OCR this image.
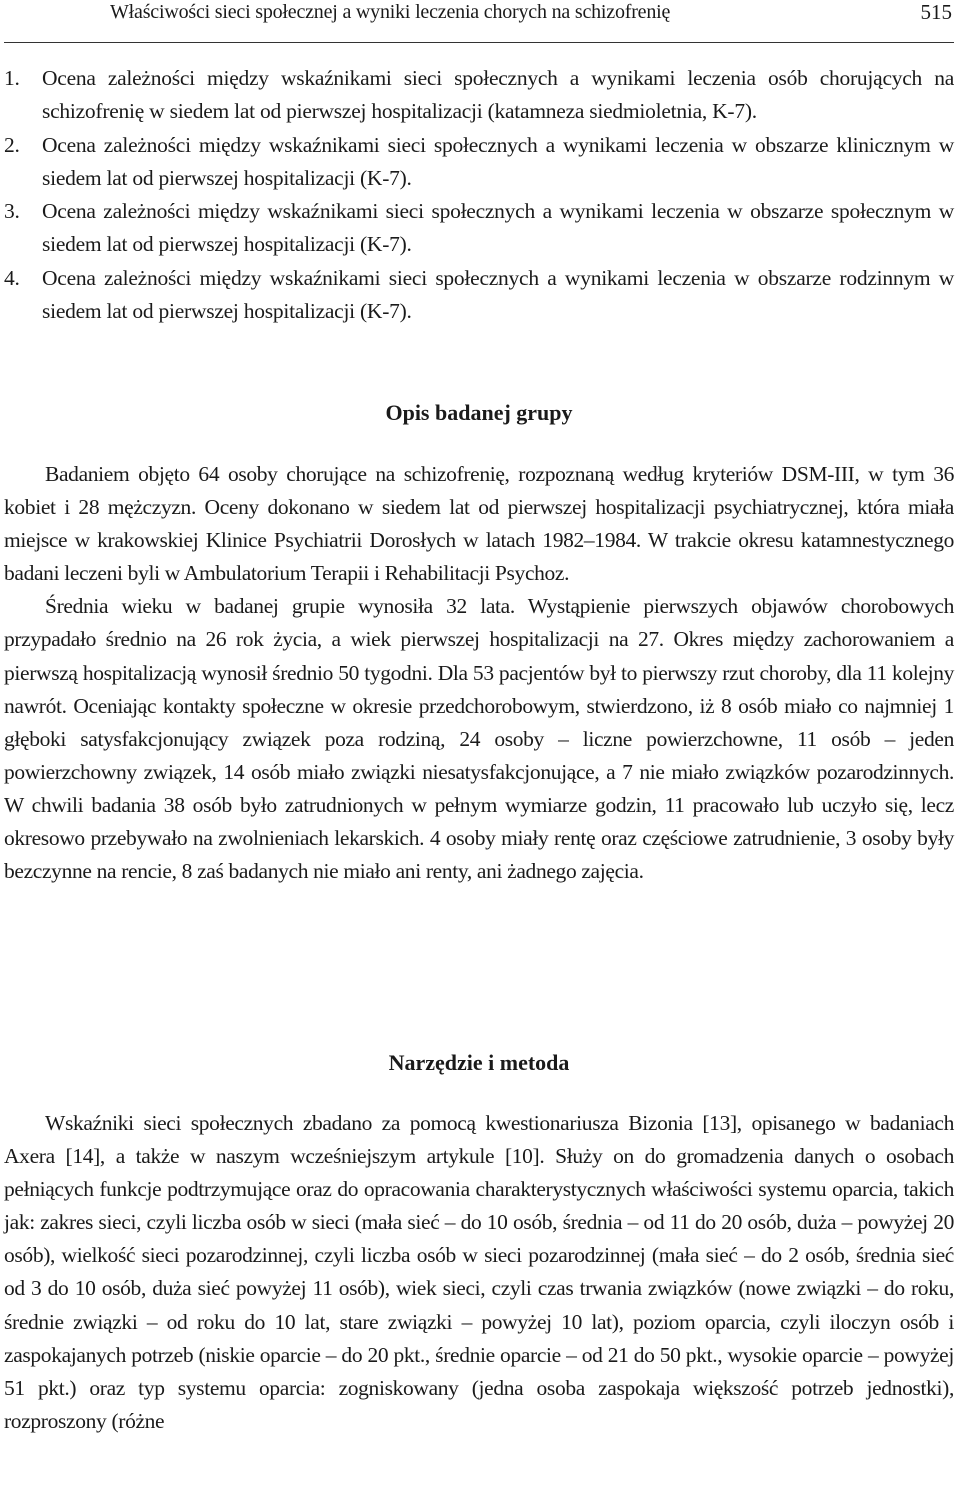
Właściwości sieci społecznej a wyniki leczenia chorych na schizofrenię	515
1. Ocena zależności między wskaźnikami sieci społecznych a wynikami leczenia osób chorujących na schizofrenię w siedem lat od pierwszej hospitalizacji (katamneza siedmioletnia, K-7).
2. Ocena zależności między wskaźnikami sieci społecznych a wynikami leczenia w obszarze klinicznym w siedem lat od pierwszej hospitalizacji (K-7).
3. Ocena zależności między wskaźnikami sieci społecznych a wynikami leczenia w obszarze społecznym w siedem lat od pierwszej hospitalizacji (K-7).
4. Ocena zależności między wskaźnikami sieci społecznych a wynikami leczenia w obszarze rodzinnym w siedem lat od pierwszej hospitalizacji (K-7).
Opis badanej grupy

Badaniem objęto 64 osoby chorujące na schizofrenię, rozpoznaną według kryteriów DSM-III, w tym 36 kobiet i 28 mężczyzn. Oceny dokonano w siedem lat od pierwszej hospitalizacji psychiatrycznej, która miała miejsce w krakowskiej Klinice Psychiatrii Dorosłych w latach 1982–1984. W trakcie okresu katamnestycznego badani leczeni byli w Ambulatorium Terapii i Rehabilitacji Psychoz.

Średnia wieku w badanej grupie wynosiła 32 lata. Wystąpienie pierwszych objawów chorobowych przypadało średnio na 26 rok życia, a wiek pierwszej hospitalizacji na 27. Okres między zachorowaniem a pierwszą hospitalizacją wynosił średnio 50 tygodni. Dla 53 pacjentów był to pierwszy rzut choroby, dla 11 kolejny nawrót. Oceniając kontakty społeczne w okresie przedchorobowym, stwierdzono, iż 8 osób miało co najmniej 1 głęboki satysfakcjonujący związek poza rodziną, 24 osoby – liczne powierzchowne, 11 osób – jeden powierzchowny związek, 14 osób miało związki niesatysfakcjonujące, a 7 nie miało związków pozarodzinnych. W chwili badania 38 osób było zatrudnionych w pełnym wymiarze godzin, 11 pracowało lub uczyło się, lecz okresowo przebywało na zwolnieniach lekarskich. 4 osoby miały rentę oraz częściowe zatrudnienie, 3 osoby były bezczynne na rencie, 8 zaś badanych nie miało ani renty, ani żadnego zajęcia.

Narzędzie i metoda

Wskaźniki sieci społecznych zbadano za pomocą kwestionariusza Bizonia [13], opisanego w badaniach Axera [14], a także w naszym wcześniejszym artykule [10]. Służy on do gromadzenia danych o osobach pełniących funkcje podtrzymujące oraz do opracowania charakterystycznych właściwości systemu oparcia, takich jak: zakres sieci, czyli liczba osób w sieci (mała sieć – do 10 osób, średnia – od 11 do 20 osób, duża – powyżej 20 osób), wielkość sieci pozarodzinnej, czyli liczba osób w sieci pozarodzinnej (mała sieć – do 2 osób, średnia sieć od 3 do 10 osób, duża sieć powyżej 11 osób), wiek sieci, czyli czas trwania związków (nowe związki – do roku, średnie związki – od roku do 10 lat, stare związki – powyżej 10 lat), poziom oparcia, czyli iloczyn osób i zaspokajanych potrzeb (niskie oparcie – do 20 pkt., średnie oparcie – od 21 do 50 pkt., wysokie oparcie – powyżej 51 pkt.) oraz typ systemu oparcia: zogniskowany (jedna osoba zaspokaja większość potrzeb jednostki), rozproszony (różne
